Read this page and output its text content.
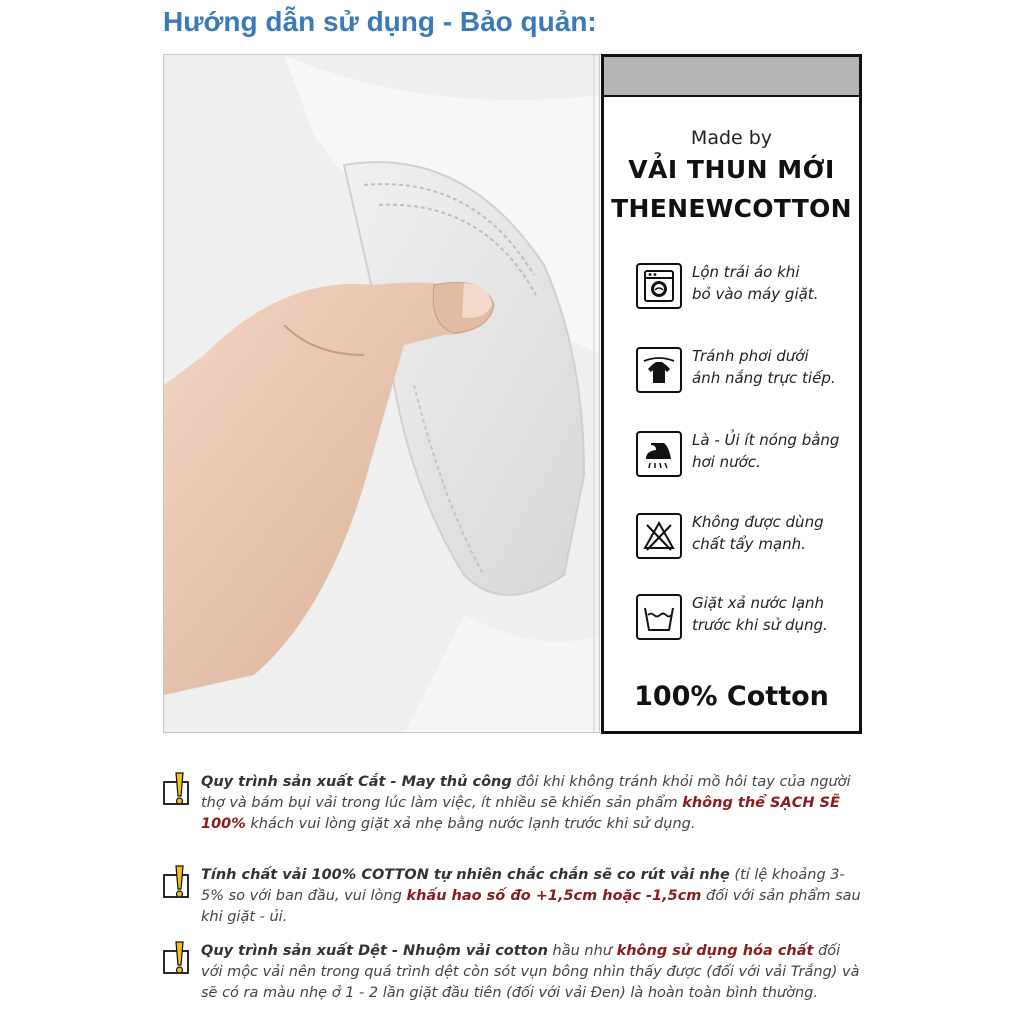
Hướng dẫn sử dụng - Bảo quản:
Made by
VẢI THUN MỚI
THENEWCOTTON
Lộn trái áo khi
bỏ vào máy giặt.
Tránh phơi dưới
ánh nắng trực tiếp.
Là - Ủi ít nóng bằng
hơi nước.
Không được dùng
chất tẩy mạnh.
Giặt xả nước lạnh
trước khi sử dụng.
100% Cotton
Quy trình sản xuất Cắt - May thủ công đôi khi không tránh khỏi mồ hôi tay của người thợ và bám bụi vải trong lúc làm việc, ít nhiều sẽ khiến sản phẩm không thể SẠCH SẼ 100% khách vui lòng giặt xả nhẹ bằng nước lạnh trước khi sử dụng.
Tính chất vải 100% COTTON tự nhiên chắc chắn sẽ co rút vải nhẹ (tỉ lệ khoảng 3-5% so với ban đầu, vui lòng khấu hao số đo +1,5cm hoặc -1,5cm đối với sản phẩm sau khi giặt - ủi.
Quy trình sản xuất Dệt - Nhuộm vải cotton hầu như không sử dụng hóa chất đối với mộc vải nên trong quá trình dệt còn sót vụn bông nhìn thấy được (đối với vải Trắng) và sẽ có ra màu nhẹ ở 1 - 2 lần giặt đầu tiên (đối với vải Đen) là hoàn toàn bình thường.
